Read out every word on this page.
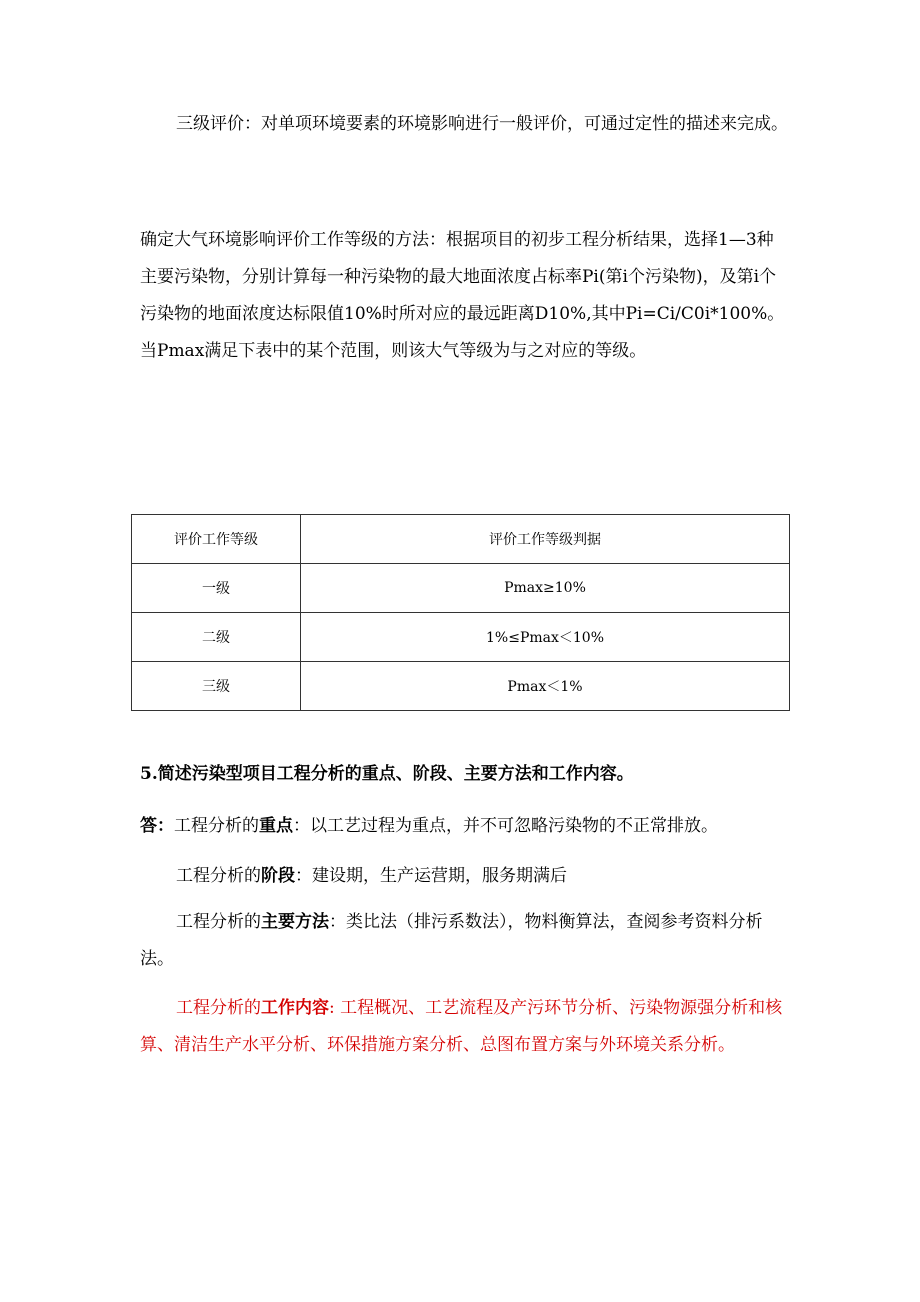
三级评价：对单项环境要素的环境影响进行一般评价，可通过定性的描述来完成。

确定大气环境影响评价工作等级的方法：根据项目的初步工程分析结果，选择1—3种主要污染物，分别计算每一种污染物的最大地面浓度占标率Pi(第i个污染物)，及第i个污染物的地面浓度达标限值10%时所对应的最远距离D10%,其中Pi=Ci/C0i*100%。当Pmax满足下表中的某个范围，则该大气等级为与之对应的等级。

评价工作等级	评价工作等级判据
一级	Pmax≥10%
二级	1%≤Pmax＜10%
三级	Pmax＜1%

5.简述污染型项目工程分析的重点、阶段、主要方法和工作内容。

答：工程分析的重点：以工艺过程为重点，并不可忽略污染物的不正常排放。

工程分析的阶段：建设期，生产运营期，服务期满后

工程分析的主要方法：类比法（排污系数法），物料衡算法，查阅参考资料分析法。

工程分析的工作内容: 工程概况、工艺流程及产污环节分析、污染物源强分析和核算、清洁生产水平分析、环保措施方案分析、总图布置方案与外环境关系分析。
